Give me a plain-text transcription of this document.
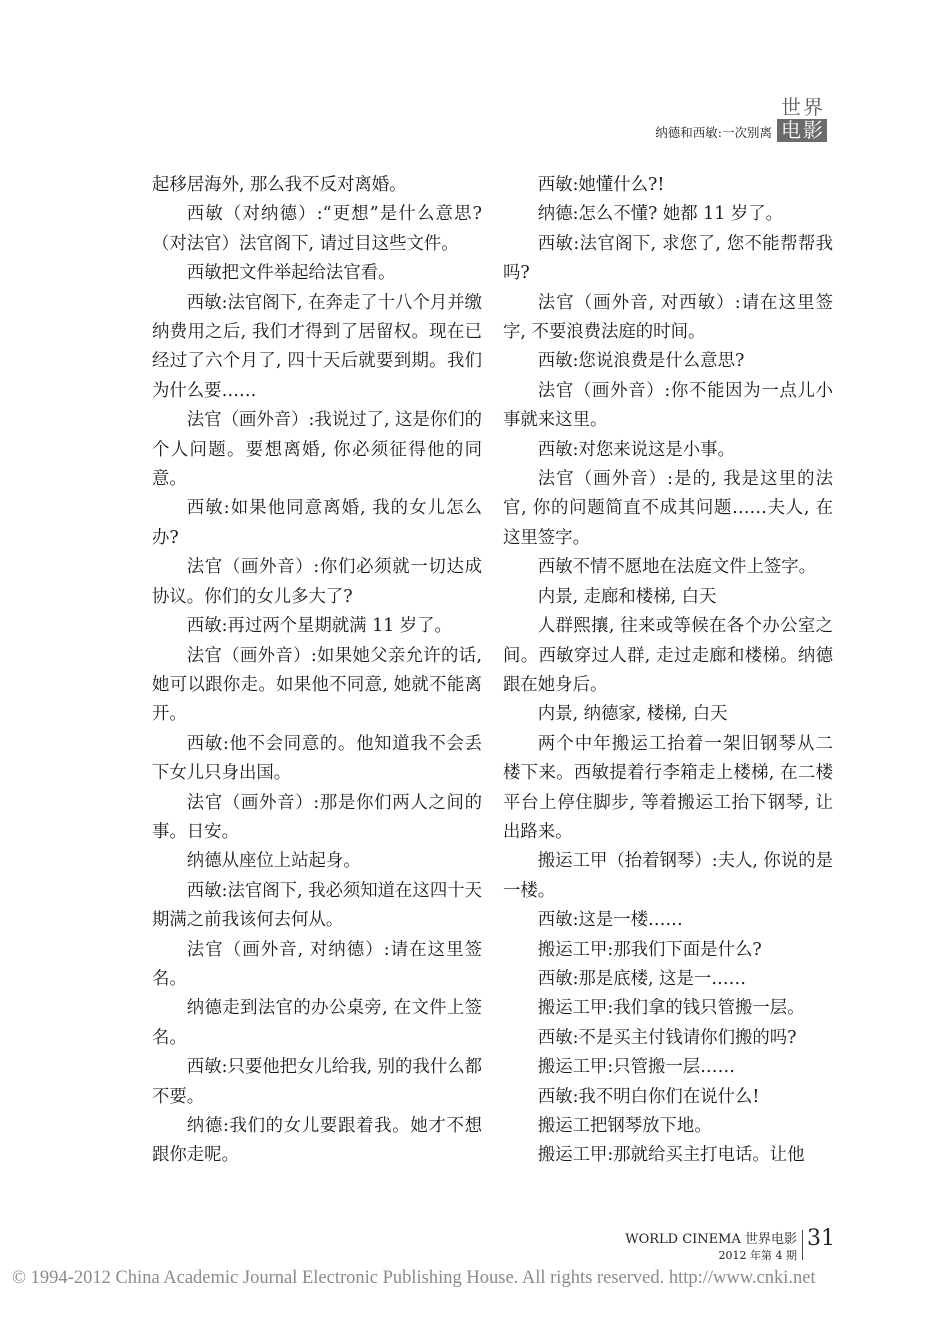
纳德和西敏:一次别离
世界
电影

起移居海外, 那么我不反对离婚。

西敏（对纳德）:“更想”是什么意思?（对法官）法官阁下, 请过目这些文件。

西敏把文件举起给法官看。

西敏:法官阁下, 在奔走了十八个月并缴纳费用之后, 我们才得到了居留权。现在已经过了六个月了, 四十天后就要到期。我们为什么要……

法官（画外音）:我说过了, 这是你们的个人问题。要想离婚, 你必须征得他的同意。

西敏:如果他同意离婚, 我的女儿怎么办?

法官（画外音）:你们必须就一切达成协议。你们的女儿多大了?

西敏:再过两个星期就满 11 岁了。

法官（画外音）:如果她父亲允许的话, 她可以跟你走。如果他不同意, 她就不能离开。

西敏:他不会同意的。他知道我不会丢下女儿只身出国。

法官（画外音）:那是你们两人之间的事。日安。

纳德从座位上站起身。

西敏:法官阁下, 我必须知道在这四十天期满之前我该何去何从。

法官（画外音, 对纳德）:请在这里签名。

纳德走到法官的办公桌旁, 在文件上签名。

西敏:只要他把女儿给我, 别的我什么都不要。

纳德:我们的女儿要跟着我。她才不想跟你走呢。

西敏:她懂什么?!

纳德:怎么不懂? 她都 11 岁了。

西敏:法官阁下, 求您了, 您不能帮帮我吗?

法官（画外音, 对西敏）:请在这里签字, 不要浪费法庭的时间。

西敏:您说浪费是什么意思?

法官（画外音）:你不能因为一点儿小事就来这里。

西敏:对您来说这是小事。

法官（画外音）:是的, 我是这里的法官, 你的问题简直不成其问题……夫人, 在这里签字。

西敏不情不愿地在法庭文件上签字。

内景, 走廊和楼梯, 白天

人群熙攘, 往来或等候在各个办公室之间。西敏穿过人群, 走过走廊和楼梯。纳德跟在她身后。

内景, 纳德家, 楼梯, 白天

两个中年搬运工抬着一架旧钢琴从二楼下来。西敏提着行李箱走上楼梯, 在二楼平台上停住脚步, 等着搬运工抬下钢琴, 让出路来。

搬运工甲（抬着钢琴）:夫人, 你说的是一楼。

西敏:这是一楼……

搬运工甲:那我们下面是什么?

西敏:那是底楼, 这是一……

搬运工甲:我们拿的钱只管搬一层。

西敏:不是买主付钱请你们搬的吗?

搬运工甲:只管搬一层……

西敏:我不明白你们在说什么!

搬运工把钢琴放下地。

搬运工甲:那就给买主打电话。让他

WORLD CINEMA 世界电影
2012 年第 4 期
31
© 1994-2012 China Academic Journal Electronic Publishing House. All rights reserved. http://www.cnki.net
